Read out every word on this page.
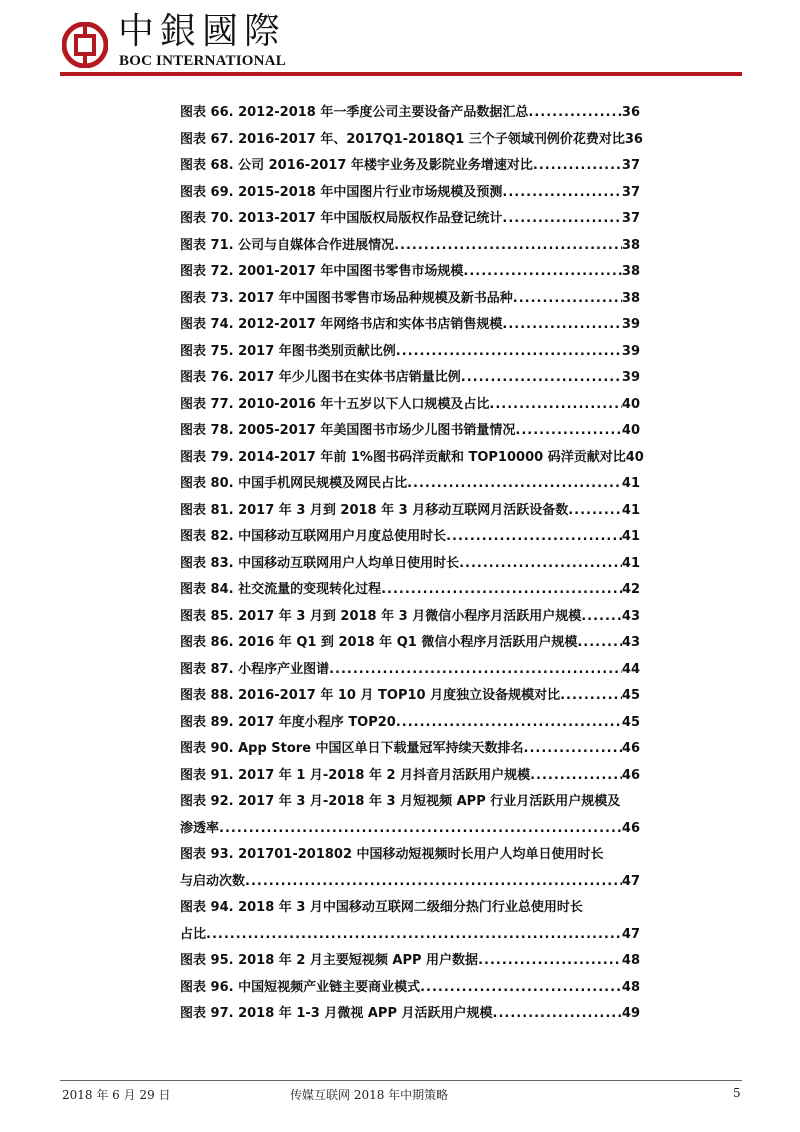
中銀國際
BOC INTERNATIONAL
图表 66. 2012-2018 年一季度公司主要设备产品数据汇总 .....	36
图表 67. 2016-2017 年、2017Q1-2018Q1 三个子领域刊例价花费对比 36
图表 68. 公司 2016-2017 年楼宇业务及影院业务增速对比 .....	37
图表 69. 2015-2018 年中国图片行业市场规模及预测 .....	37
图表 70. 2013-2017 年中国版权局版权作品登记统计 .....	37
图表 71. 公司与自媒体合作进展情况 .....	38
图表 72. 2001-2017 年中国图书零售市场规模 .....	38
图表 73. 2017 年中国图书零售市场品种规模及新书品种 .....	38
图表 74. 2012-2017 年网络书店和实体书店销售规模 .....	39
图表 75. 2017 年图书类别贡献比例 .....	39
图表 76. 2017 年少儿图书在实体书店销量比例 .....	39
图表 77. 2010-2016 年十五岁以下人口规模及占比 .....	40
图表 78. 2005-2017 年美国图书市场少儿图书销量情况 .....	40
图表 79. 2014-2017 年前 1%图书码洋贡献和 TOP10000 码洋贡献对比 40
图表 80. 中国手机网民规模及网民占比 .....	41
图表 81. 2017 年 3 月到 2018 年 3 月移动互联网月活跃设备数 .....	41
图表 82. 中国移动互联网用户月度总使用时长 .....	41
图表 83. 中国移动互联网用户人均单日使用时长 .....	41
图表 84. 社交流量的变现转化过程 .....	42
图表 85. 2017 年 3 月到 2018 年 3 月微信小程序月活跃用户规模 .....	43
图表 86. 2016 年 Q1 到 2018 年 Q1 微信小程序月活跃用户规模 .....	43
图表 87. 小程序产业图谱 .....	44
图表 88. 2016-2017 年 10 月 TOP10 月度独立设备规模对比 .....	45
图表 89. 2017 年度小程序 TOP20 .....	45
图表 90. App Store 中国区单日下载量冠军持续天数排名 .....	46
图表 91. 2017 年 1 月-2018 年 2 月抖音月活跃用户规模 .....	46
图表 92. 2017 年 3 月-2018 年 3 月短视频 APP 行业月活跃用户规模及
渗透率 .....	46
图表 93. 201701-201802 中国移动短视频时长用户人均单日使用时长
与启动次数 .....	47
图表 94. 2018 年 3 月中国移动互联网二级细分热门行业总使用时长
占比 .....	47
图表 95. 2018 年 2 月主要短视频 APP 用户数据 .....	48
图表 96. 中国短视频产业链主要商业模式 .....	48
图表 97. 2018 年 1-3 月微视 APP 月活跃用户规模 .....	49
2018 年 6 月 29 日	传媒互联网 2018 年中期策略	5
